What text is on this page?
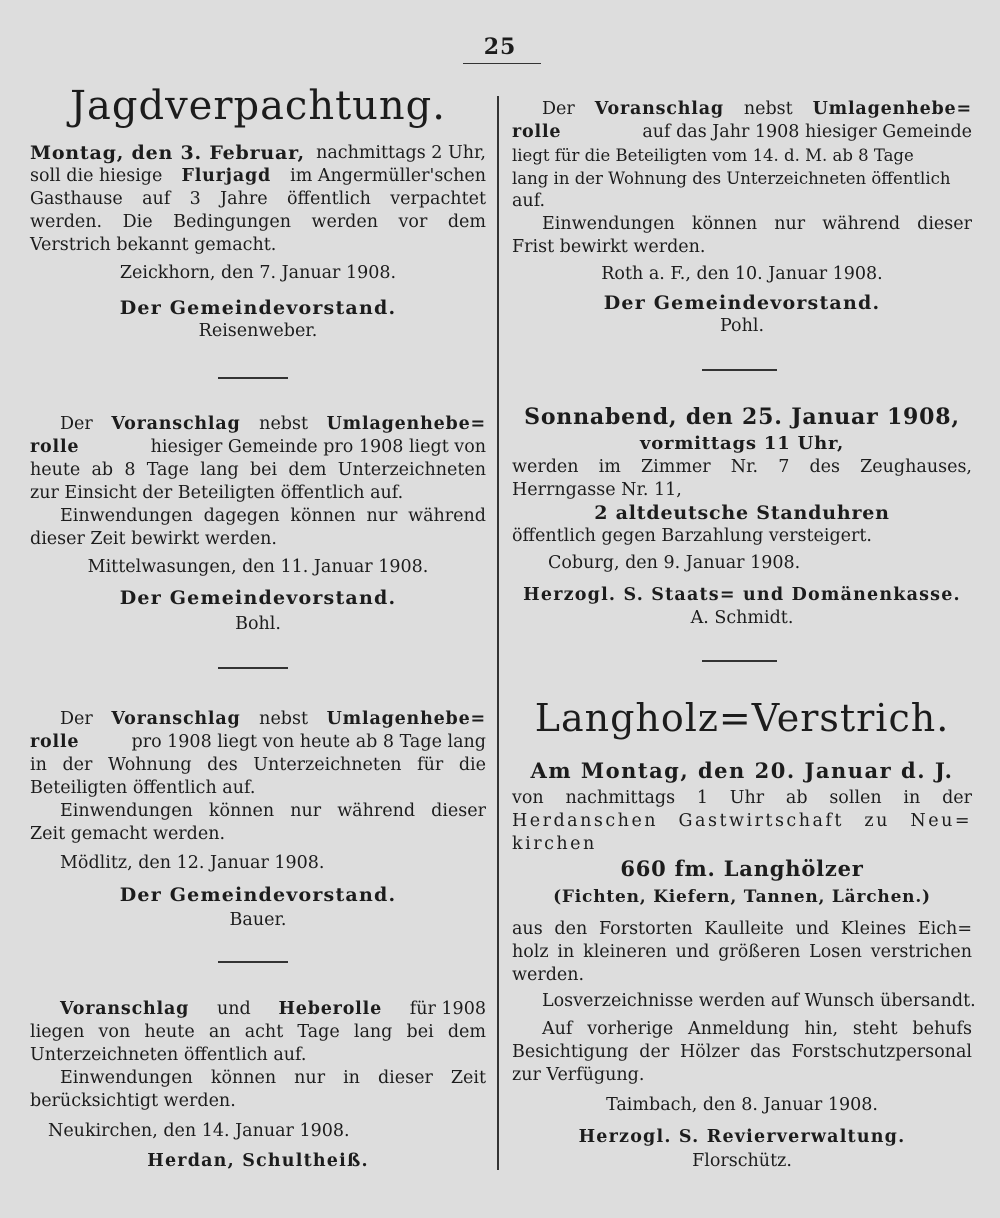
25
Jagdverpachtung.
Montag, den 3. Februar, nachmittags 2 Uhr,
soll die hiesige Flurjagd im Angermüller'schen
Gasthause auf 3 Jahre öffentlich verpachtet
werden. Die Bedingungen werden vor dem
Verstrich bekannt gemacht.
Zeickhorn, den 7. Januar 1908.
Der Gemeindevorstand.
Reisenweber.
Der Voranschlag nebst Umlagenhebe=
rolle	hiesiger Gemeinde pro 1908 liegt von
heute ab 8 Tage lang bei dem Unterzeichneten
zur Einsicht der Beteiligten öffentlich auf.
Einwendungen dagegen können nur während
dieser Zeit bewirkt werden.
Mittelwasungen, den 11. Januar 1908.
Der Gemeindevorstand.
Bohl.
Der Voranschlag nebst Umlagenhebe=
rolle	pro 1908 liegt von heute ab 8 Tage lang
in der Wohnung des Unterzeichneten für die
Beteiligten öffentlich auf.
Einwendungen können nur während dieser
Zeit gemacht werden.
Mödlitz, den 12. Januar 1908.
Der Gemeindevorstand.
Bauer.
Voranschlag und Heberolle für 1908
liegen von heute an acht Tage lang bei dem
Unterzeichneten öffentlich auf.
Einwendungen können nur in dieser Zeit
berücksichtigt werden.
Neukirchen, den 14. Januar 1908.
Herdan, Schultheiß.
Der Voranschlag nebst Umlagenhebe=
rolle	auf das Jahr 1908 hiesiger Gemeinde
liegt für die Beteiligten vom 14. d. M. ab 8 Tage
lang in der Wohnung des Unterzeichneten öffentlich
auf.
Einwendungen können nur während dieser
Frist bewirkt werden.
Roth a. F., den 10. Januar 1908.
Der Gemeindevorstand.
Pohl.
Sonnabend, den 25. Januar 1908,
vormittags 11 Uhr,
werden im Zimmer Nr. 7 des Zeughauses,
Herrngasse Nr. 11,
2 altdeutsche Standuhren
öffentlich gegen Barzahlung versteigert.
Coburg, den 9. Januar 1908.
Herzogl. S. Staats= und Domänenkasse.
A. Schmidt.
Langholz=Verstrich.
Am Montag, den 20. Januar d. J.
von nachmittags 1 Uhr ab sollen in der
Herdanschen Gastwirtschaft zu Neu=
kirchen
660 fm. Langhölzer
(Fichten, Kiefern, Tannen, Lärchen.)
aus den Forstorten Kaulleite und Kleines Eich=
holz in kleineren und größeren Losen verstrichen
werden.
Losverzeichnisse werden auf Wunsch übersandt.
Auf vorherige Anmeldung hin, steht behufs
Besichtigung der Hölzer das Forstschutzpersonal
zur Verfügung.
Taimbach, den 8. Januar 1908.
Herzogl. S. Revierverwaltung.
Florschütz.
